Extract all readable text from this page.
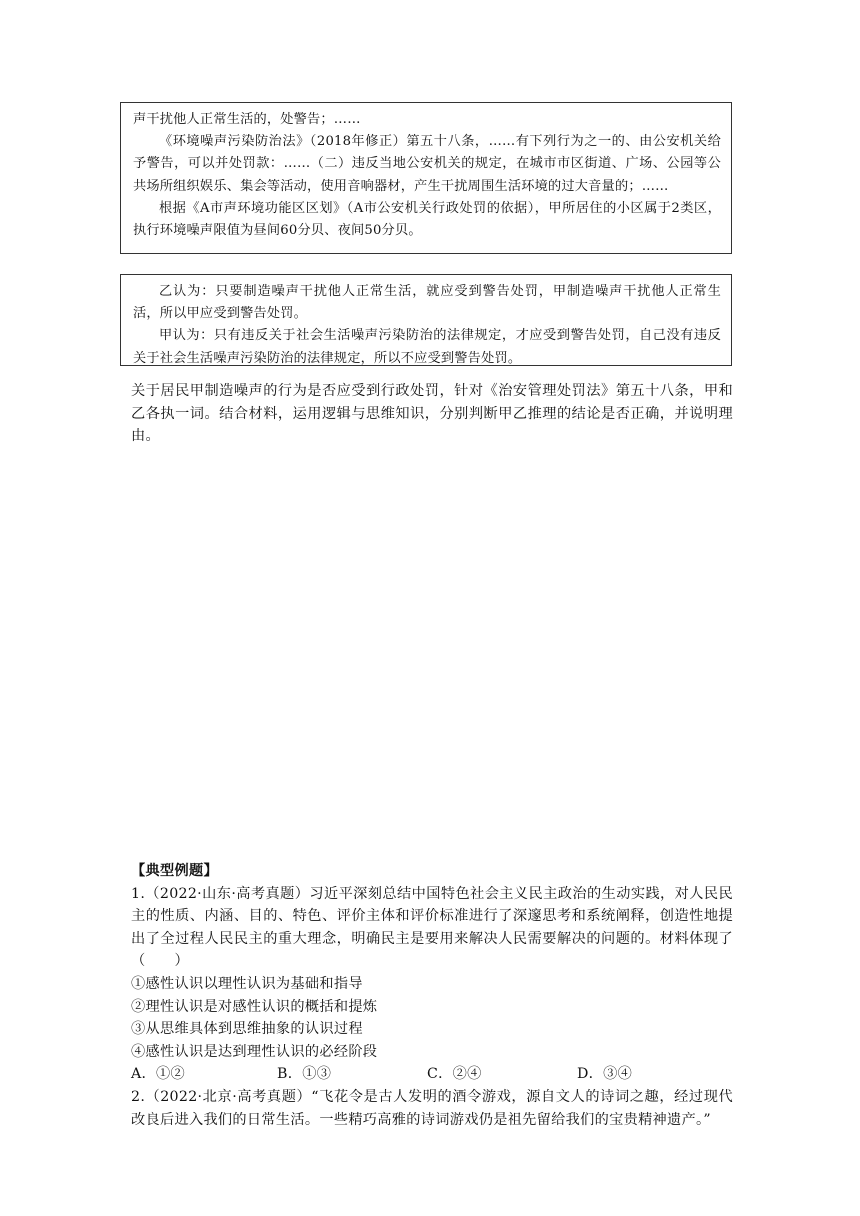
声干扰他人正常生活的，处警告；……

《环境噪声污染防治法》（2018年修正）第五十八条，……有下列行为之一的、由公安机关给予警告，可以并处罚款：……（二）违反当地公安机关的规定，在城市市区街道、广场、公园等公共场所组织娱乐、集会等活动，使用音响器材，产生干扰周围生活环境的过大音量的；……

根据《A市声环境功能区区划》（A市公安机关行政处罚的依据），甲所居住的小区属于2类区，执行环境噪声限值为昼间60分贝、夜间50分贝。

乙认为：只要制造噪声干扰他人正常生活，就应受到警告处罚，甲制造噪声干扰他人正常生活，所以甲应受到警告处罚。

甲认为：只有违反关于社会生活噪声污染防治的法律规定，才应受到警告处罚，自己没有违反关于社会生活噪声污染防治的法律规定，所以不应受到警告处罚。

关于居民甲制造噪声的行为是否应受到行政处罚，针对《治安管理处罚法》第五十八条，甲和乙各执一词。结合材料，运用逻辑与思维知识，分别判断甲乙推理的结论是否正确，并说明理由。

【典型例题】

1.（2022·山东·高考真题）习近平深刻总结中国特色社会主义民主政治的生动实践，对人民民主的性质、内涵、目的、特色、评价主体和评价标准进行了深邃思考和系统阐释，创造性地提出了全过程人民民主的重大理念，明确民主是要用来解决人民需要解决的问题的。材料体现了（　　）

①感性认识以理性认识为基础和指导

②理性认识是对感性认识的概括和提炼

③从思维具体到思维抽象的认识过程

④感性认识是达到理性认识的必经阶段

A．①②	B．①③	C．②④	D．③④

2.（2022·北京·高考真题）“飞花令是古人发明的酒令游戏，源自文人的诗词之趣，经过现代改良后进入我们的日常生活。一些精巧高雅的诗词游戏仍是祖先留给我们的宝贵精神遗产。”
